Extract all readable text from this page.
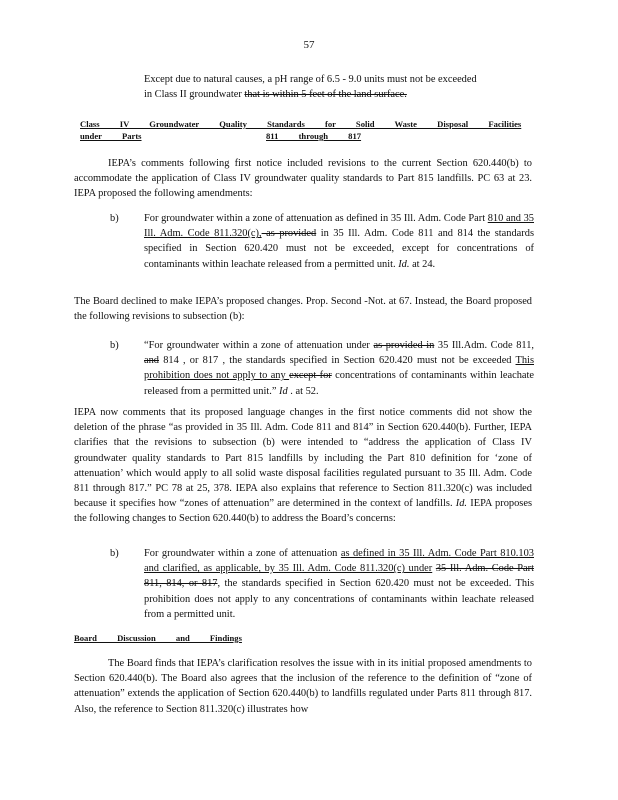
57
Except due to natural causes, a pH range of 6.5 - 9.0 units must not be exceeded
in Class II groundwater that is within 5 feet of the land surface.
Class IV Groundwater Quality Standards for Solid Waste Disposal Facilities under Parts	811 through 817
IEPA’s comments following first notice included revisions to the current Section 620.440(b) to accommodate the application of Class IV groundwater quality standards to Part 815 landfills. PC 63 at 23. IEPA proposed the following amendments:
b) For groundwater within a zone of attenuation as defined in 35 Ill. Adm. Code Part 810 and 35 Ill. Adm. Code 811.320(c), as provided in 35 Ill. Adm. Code 811 and 814 the standards specified in Section 620.420 must not be exceeded, except for concentrations of contaminants within leachate released from a permitted unit. Id. at 24.
The Board declined to make IEPA’s proposed changes. Prop. Second -Not. at 67. Instead, the Board proposed the following revisions to subsection (b):
b) “For groundwater within a zone of attenuation under as provided in 35 Ill.Adm. Code 811, and 814 , or 817 , the standards specified in Section 620.420 must not be exceeded This prohibition does not apply to any except for concentrations of contaminants within leachate released from a permitted unit.” Id . at 52.
IEPA now comments that its proposed language changes in the first notice comments did not show the deletion of the phrase “as provided in 35 Ill. Adm. Code 811 and 814” in Section 620.440(b). Further, IEPA clarifies that the revisions to subsection (b) were intended to “address the application of Class IV groundwater quality standards to Part 815 landfills by including the Part 810 definition for ‘zone of attenuation’ which would apply to all solid waste disposal facilities regulated pursuant to 35 Ill. Adm. Code 811 through 817.” PC 78 at 25, 378. IEPA also explains that reference to Section 811.320(c) was included because it specifies how “zones of attenuation” are determined in the context of landfills. Id. IEPA proposes the following changes to Section 620.440(b) to address the Board’s concerns:
b) For groundwater within a zone of attenuation as defined in 35 Ill. Adm. Code Part 810.103 and clarified, as applicable, by 35 Ill. Adm. Code 811.320(c) under 35 Ill. Adm. Code Part 811, 814, or 817, the standards specified in Section 620.420 must not be exceeded. This prohibition does not apply to any concentrations of contaminants within leachate released from a permitted unit.
Board Discussion and Findings
The Board finds that IEPA’s clarification resolves the issue with in its initial proposed amendments to Section 620.440(b). The Board also agrees that the inclusion of the reference to the definition of “zone of attenuation” extends the application of Section 620.440(b) to landfills regulated under Parts 811 through 817. Also, the reference to Section 811.320(c) illustrates how
